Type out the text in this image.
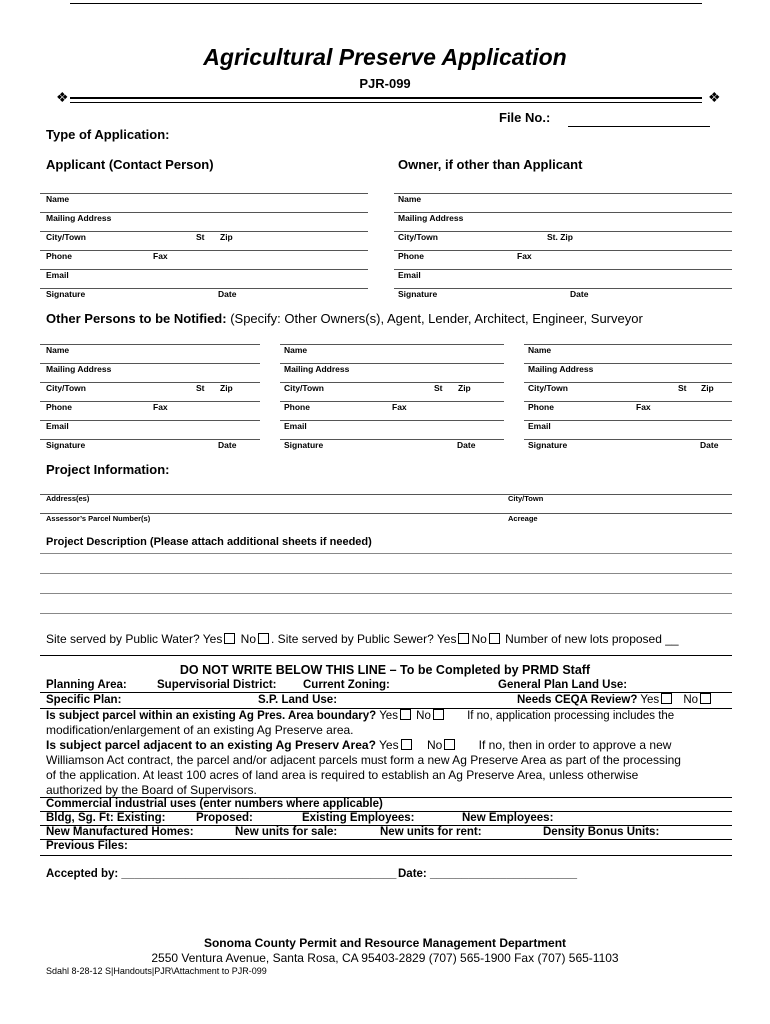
Agricultural Preserve Application
PJR-099
❖	❖
File No.:
Type of Application:
Applicant (Contact Person)	Owner, if other than Applicant
Name
Mailing Address
City/Town	St Zip
Phone	Fax
Email
Signature	Date
Name
Mailing Address
City/Town	St. Zip
Phone	Fax
Email
Signature	Date
Other Persons to be Notified: (Specify: Other Owners(s), Agent, Lender, Architect, Engineer, Surveyor
Name	Name	Name
Mailing Address	Mailing Address	Mailing Address
City/Town	St Zip	City/Town	St Zip	City/Town	St Zip
Phone	Fax	Phone	Fax	Phone	Fax
Email	Email	Email
Signature	Date	Signature	Date	Signature	Date
Project Information:
Address(es)	City/Town
Assessor’s Parcel Number(s)	Acreage
Project Description (Please attach additional sheets if needed)
Site served by Public Water? Yes No . Site served by Public Sewer? Yes No Number of new lots proposed __
DO NOT WRITE BELOW THIS LINE – To be Completed by PRMD Staff
Planning Area:	Supervisorial District: Current Zoning:	General Plan Land Use:
Specific Plan:	S.P. Land Use:	Needs CEQA Review? Yes No
Is subject parcel within an existing Ag Pres. Area boundary? Yes No	If no, application processing includes the
modification/enlargement of an existing Ag Preserve area.
Is subject parcel adjacent to an existing Ag Preserv Area? Yes No	If no, then in order to approve a new
Williamson Act contract, the parcel and/or adjacent parcels must form a new Ag Preserve Area as part of the processing
of the application. At least 100 acres of land area is required to establish an Ag Preserve Area, unless otherwise
authorized by the Board of Supervisors.
Commercial industrial uses (enter numbers where applicable)
Bldg, Sg. Ft: Existing:	Proposed:	Existing Employees:	New Employees:
New Manufactured Homes:	New units for sale:	New units for rent:	Density Bonus Units:
Previous Files:
Accepted by: ___________________________________________ Date: _______________________
Sonoma County Permit and Resource Management Department
2550 Ventura Avenue, Santa Rosa, CA 95403-2829 (707) 565-1900 Fax (707) 565-1103
Sdahl 8-28-12 S|Handouts|PJR\Attachment to PJR-099
